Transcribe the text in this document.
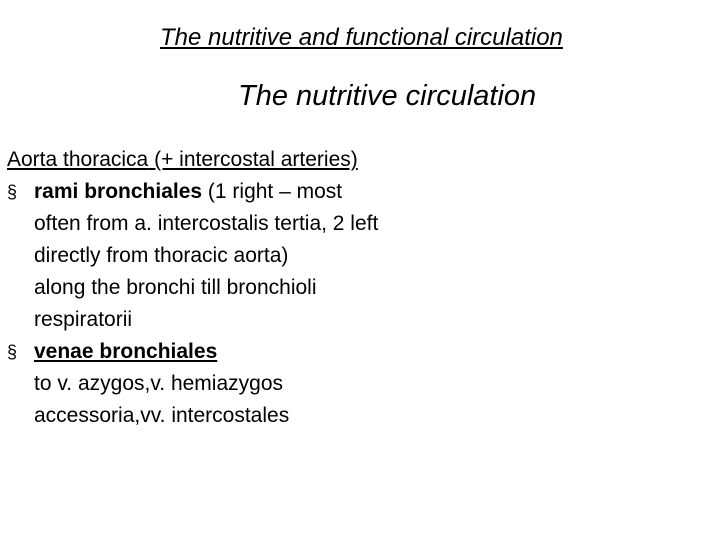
The nutritive and functional circulation
The nutritive circulation
Aorta thoracica (+ intercostal arteries)
§ rami bronchiales (1 right – most
often from a. intercostalis tertia, 2 left
directly from thoracic aorta)
along the bronchi till bronchioli
respiratorii
§ venae bronchiales
to v. azygos,v. hemiazygos
accessoria,vv. intercostales
